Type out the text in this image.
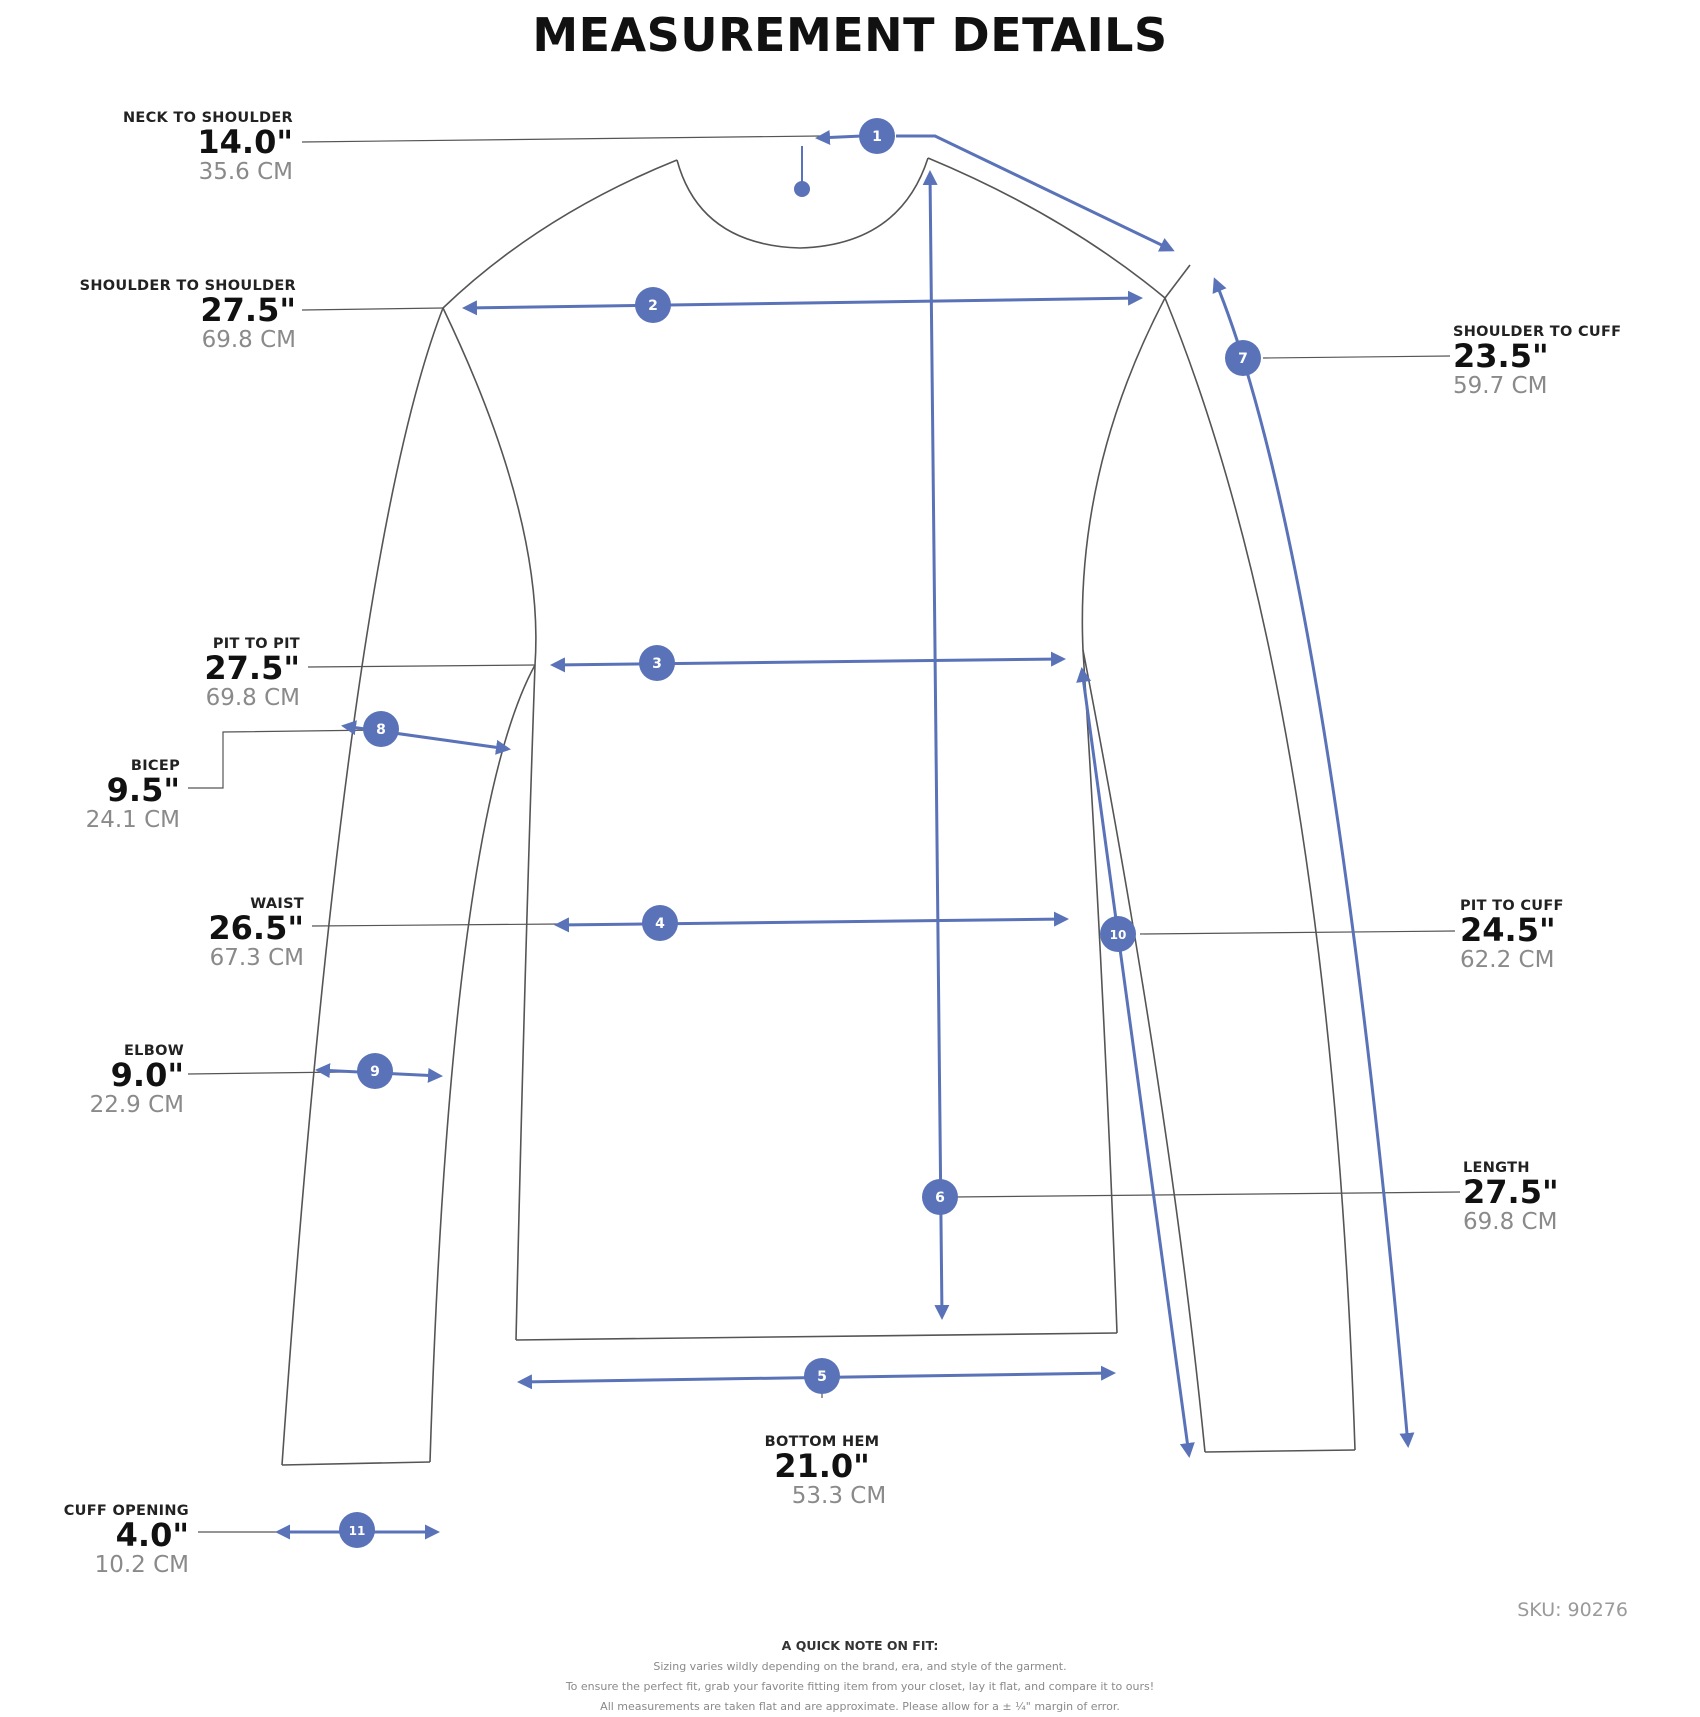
1
2
3
4
5
6
7
8
9
10
11
MEASUREMENT DETAILS
NECK TO SHOULDER
14.0"
35.6 CM
SHOULDER TO SHOULDER
27.5"
69.8 CM
PIT TO PIT
27.5"
69.8 CM
BICEP
9.5"
24.1 CM
WAIST
26.5"
67.3 CM
ELBOW
9.0"
22.9 CM
CUFF OPENING
4.0"
10.2 CM
SHOULDER TO CUFF
23.5"
59.7 CM
PIT TO CUFF
24.5"
62.2 CM
LENGTH
27.5"
69.8 CM
BOTTOM HEM
21.0"
53.3 CM
SKU: 90276
A QUICK NOTE ON FIT:
Sizing varies wildly depending on the brand, era, and style of the garment.
To ensure the perfect fit, grab your favorite fitting item from your closet, lay it flat, and compare it to ours!
All measurements are taken flat and are approximate. Please allow for a ± ¼" margin of error.
